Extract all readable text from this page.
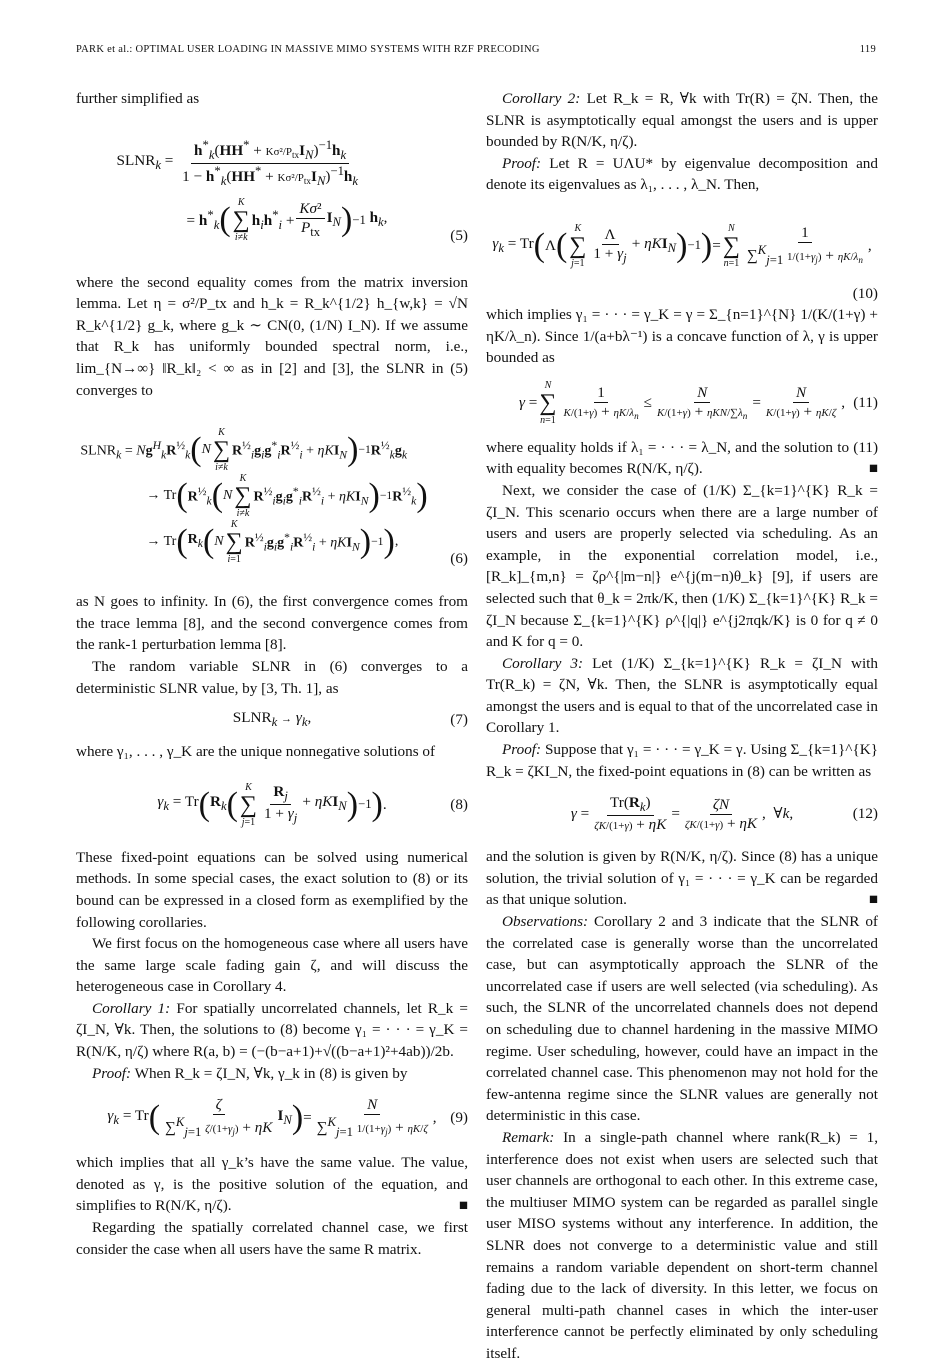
PARK et al.: OPTIMAL USER LOADING IN MASSIVE MIMO SYSTEMS WITH RZF PRECODING	119

further simplified as

$SLNR_k = \frac{h^*_k(HH^* + K\sigma^2/P_{tx}I_N)^{-1}h_k}{1 - h^*_k(HH^* + K\sigma^2/P_{tx}I_N)^{-1}h_k}$
= $h^*_k$ ( K
∑
i≠k
$h_ih^*_i + \frac{\text{Kσ²}}{P_{tx}} I_N$ ) −1 $h_k$,
(5)

where the second equality comes from the matrix inversion lemma. Let η = σ²/P_tx and h_k = R_k^{1/2} h_{w,k} = √N R_k^{1/2} g_k, where g_k ∼ CN(0, (1/N) I_N). If we assume that R_k has uniformly bounded spectral norm, i.e., lim_{N→∞} ‖R_k‖₂ < ∞ as in [2] and [3], the SLNR in (5) converges to

$SLNR_k = Ng^H_kR^{\frac{1}{2}}_k$ ( N
K
∑
i≠k
$R^{\frac{1}{2}}_ig_ig^*_iR^{\frac{1}{2}}_i + \eta KI_N$ ) −1 $R^{\frac{1}{2}}_kg_k$
→ Tr ( $R^{\frac{1}{2}}_k$ ( N
K
∑
i≠k
$R^{\frac{1}{2}}_ig_ig^*_iR^{\frac{1}{2}}_i + \eta KI_N$ ) −1 $R^{\frac{1}{2}}_k$ )
→ Tr ( $R_k$ ( N
K
∑
i=1
$R^{\frac{1}{2}}_ig_ig^*_iR^{\frac{1}{2}}_i + \eta KI_N$ ) −1 ) ,
(6)

as N goes to infinity. In (6), the first convergence comes from the trace lemma [8], and the second convergence comes from the rank-1 perturbation lemma [8].

The random variable SLNR in (6) converges to a deterministic SLNR value, by [3, Th. 1], as

$SLNR_k \to \gamma_k$,	(7)

where γ₁, . . . , γ_K are the unique nonnegative solutions of

$\gamma_k = Tr$ ( $R_k$ ( K
∑
$j=1 \frac{R_j}{1 + \gamma_j} + \eta KI_N$ ) −1 ) .	(8)

These fixed-point equations can be solved using numerical methods. In some special cases, the exact solution to (8) or its bound can be expressed in a closed form as exemplified by the following corollaries.

We first focus on the homogeneous case where all users have the same large scale fading gain ζ, and will discuss the heterogeneous case in Corollary 4.

Corollary 1: For spatially uncorrelated channels, let R_k = ζI_N, ∀k. Then, the solutions to (8) become γ₁ = · · · = γ_K = R(N/K, η/ζ) where R(a, b) = (−(b−a+1)+√((b−a+1)²+4ab))/2b.

Proof: When R_k = ζI_N, ∀k, γ_k in (8) is given by

$\gamma_k = Tr$ ( $\frac{\zeta}{\sum^K_{j=1} \zeta/(1+\gamma_j) + \eta K} I_N$ ) = $\frac{N}{\sum^K_{j=1} 1/(1+\gamma_j) + \eta K/\zeta}$ , (9)

which implies that all γ_k’s have the same value. The value, denoted as γ, is the positive solution of the equation, and simplifies to R(N/K, η/ζ).	■

Regarding the spatially correlated channel case, we first consider the case when all users have the same R matrix.

Corollary 2: Let R_k = R, ∀k with Tr(R) = ζN. Then, the SLNR is asymptotically equal amongst the users and is upper bounded by R(N/K, η/ζ).

Proof: Let R = UΛU* by eigenvalue decomposition and denote its eigenvalues as λ₁, . . . , λ_N. Then,

$\gamma_k = Tr$ ( Λ ( K
∑
$j=1 \frac{\Lambda}{1 + \gamma_j} + \eta KI_N$ ) −1 ) =
N
∑
$n=1 \frac{1}{\sum^K_{j=1} 1/(1+\gamma_j) + \eta K/\lambda_n}$ ,
(10)

which implies γ₁ = · · · = γ_K = γ = Σ_{n=1}^{N} 1/(K/(1+γ) + ηK/λ_n). Since 1/(a+bλ⁻¹) is a concave function of λ, γ is upper bounded as

γ =
N
∑
$n=1 \frac{1}{K/(1+\gamma) + \eta K/\lambda_n} \le \frac{N}{K/(1+\gamma) + \eta KN/\sum\lambda_n} = \frac{N}{K/(1+\gamma) + \eta K/\zeta}$ , (11)

where equality holds if λ₁ = · · · = λ_N, and the solution to (11) with equality becomes R(N/K, η/ζ).	■

Next, we consider the case of (1/K) Σ_{k=1}^{K} R_k = ζI_N. This scenario occurs when there are a large number of users and users are properly selected via scheduling. As an example, in the exponential correlation model, i.e., [R_k]_{m,n} = ζρ^{|m−n|} e^{j(m−n)θ_k} [9], if users are selected such that θ_k = 2πk/K, then (1/K) Σ_{k=1}^{K} R_k = ζI_N because Σ_{k=1}^{K} ρ^{|q|} e^{j2πqk/K} is 0 for q ≠ 0 and K for q = 0.

Corollary 3: Let (1/K) Σ_{k=1}^{K} R_k = ζI_N with Tr(R_k) = ζN, ∀k. Then, the SLNR is asymptotically equal amongst the users and is equal to that of the uncorrelated case in Corollary 1.

Proof: Suppose that γ₁ = · · · = γ_K = γ. Using Σ_{k=1}^{K} R_k = ζKI_N, the fixed-point equations in (8) can be written as

$\gamma = \frac{Tr(R_k)}{\zeta K/(1+\gamma) + \eta K} = \frac{\zeta N}{\zeta K/(1+\gamma) + \eta K}$ ,  ∀ k ,	(12)

and the solution is given by R(N/K, η/ζ). Since (8) has a unique solution, the trivial solution of γ₁ = · · · = γ_K can be regarded as that unique solution.	■

Observations: Corollary 2 and 3 indicate that the SLNR of the correlated case is generally worse than the uncorrelated case, but can asymptotically approach the SLNR of the uncorrelated case if users are well selected (via scheduling). As such, the SLNR of the uncorrelated channels does not depend on scheduling due to channel hardening in the massive MIMO regime. User scheduling, however, could have an impact in the correlated channel case. This phenomenon may not hold for the few-antenna regime since the SLNR values are generally not deterministic in this case.

Remark: In a single-path channel where rank(R_k) = 1, interference does not exist when users are selected such that user channels are orthogonal to each other. In this extreme case, the multiuser MIMO system can be regarded as parallel single user MISO systems without any interference. In addition, the SLNR does not converge to a deterministic value and still remains a random variable dependent on short-term channel fading due to the lack of diversity. In this letter, we focus on general multi-path channel cases in which the inter-user interference cannot be perfectly eliminated by only scheduling itself.
